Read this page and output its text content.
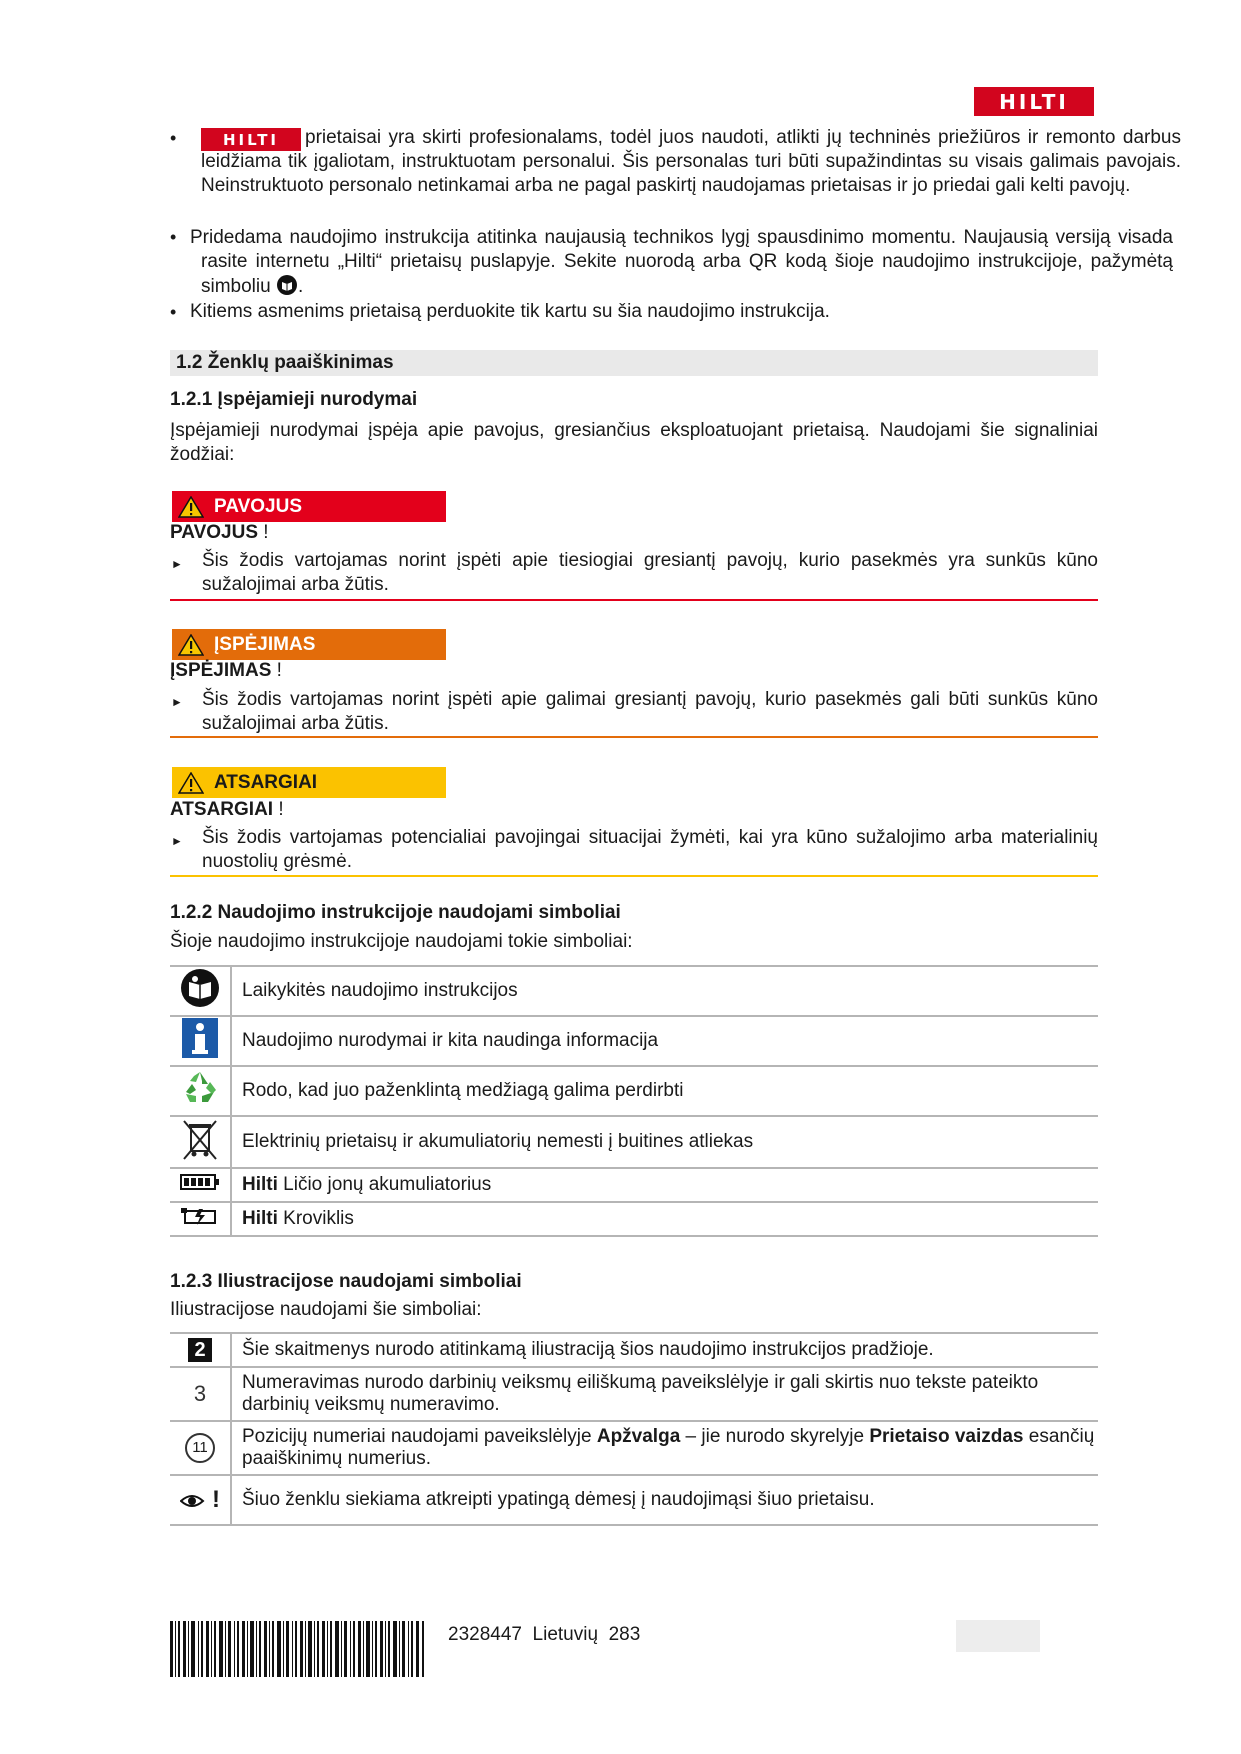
HILTI
•	HILTI	prietaisai yra skirti profesionalams, todėl juos naudoti, atlikti jų techninės priežiūros ir remonto darbus leidžiama tik įgaliotam, instruktuotam personalui. Šis personalas turi būti supažindintas su visais galimais pavojais. Neinstruktuoto personalo netinkamai arba ne pagal paskirtį naudojamas prietaisas ir jo priedai gali kelti pavojų.
• Pridedama naudojimo instrukcija atitinka naujausią technikos lygį spausdinimo momentu. Naujausią versiją visada rasite internetu „Hilti“ prietaisų puslapyje. Sekite nuorodą arba QR kodą šioje naudojimo instrukcijoje, pažymėtą simboliu .
• Kitiems asmenims prietaisą perduokite tik kartu su šia naudojimo instrukcija.
1.2 Ženklų paaiškinimas
1.2.1 Įspėjamieji nurodymai
Įspėjamieji nurodymai įspėja apie pavojus, gresiančius eksploatuojant prietaisą. Naudojami šie signaliniai žodžiai:
PAVOJUS
PAVOJUS !
► Šis žodis vartojamas norint įspėti apie tiesiogiai gresiantį pavojų, kurio pasekmės yra sunkūs kūno sužalojimai arba žūtis.
ĮSPĖJIMAS
ĮSPĖJIMAS !
► Šis žodis vartojamas norint įspėti apie galimai gresiantį pavojų, kurio pasekmės gali būti sunkūs kūno sužalojimai arba žūtis.
ATSARGIAI
ATSARGIAI !
► Šis žodis vartojamas potencialiai pavojingai situacijai žymėti, kai yra kūno sužalojimo arba materialinių nuostolių grėsmė.
1.2.2 Naudojimo instrukcijoje naudojami simboliai
Šioje naudojimo instrukcijoje naudojami tokie simboliai:
	Laikykitės naudojimo instrukcijos
	Naudojimo nurodymai ir kita naudinga informacija
	Rodo, kad juo paženklintą medžiagą galima perdirbti
	Elektrinių prietaisų ir akumuliatorių nemesti į buitines atliekas
	Hilti Ličio jonų akumuliatorius
	Hilti Kroviklis
1.2.3 Iliustracijose naudojami simboliai
Iliustracijose naudojami šie simboliai:
2	Šie skaitmenys nurodo atitinkamą iliustraciją šios naudojimo instrukcijos pradžioje.
3	Numeravimas nurodo darbinių veiksmų eiliškumą paveikslėlyje ir gali skirtis nuo tekste pateikto darbinių veiksmų numeravimo.
11	Pozicijų numeriai naudojami paveikslėlyje Apžvalga – jie nurodo skyrelyje Prietaiso vaizdas esančių paaiškinimų numerius.
!	Šiuo ženklu siekiama atkreipti ypatingą dėmesį į naudojimąsi šiuo prietaisu.
2328447 Lietuvių 283
